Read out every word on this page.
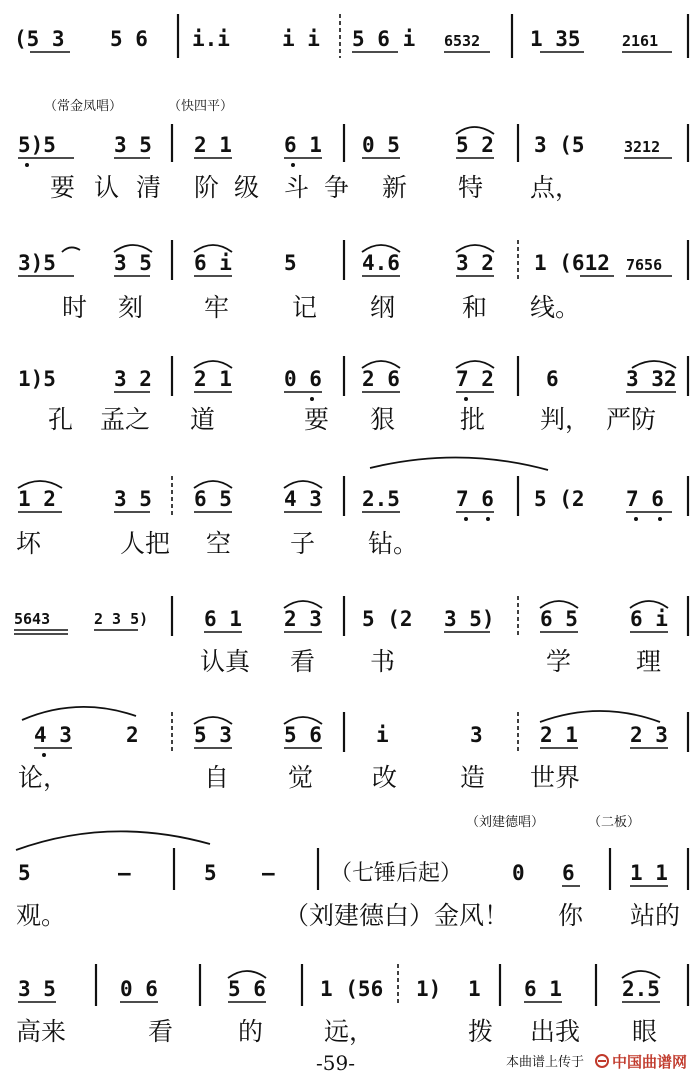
(5 3 5 6 i.i i i 5 6 i 6532 1 35	2161
（常金凤唱）	（快四平）
5)5	3 5 2 1 6 1 0 5	5 2 3 (5	3212
要 认 清 阶 级 斗 争 新 特 点，
3)5	3 5 6 i 5	4.6	3 2 1 (612 7656
时 刻 牢	记 纲	和 线。
1)5	3 2 2 1 0 6 2 6	7 2 6	3 32
孔 孟之 道	要 狠	批 判， 严防
1 2	3 5 6 5 4 3 2.5	7 6 5 (2 7 6
坏	人把 空 子 钻。
5643	2 3 5)	6 1 2 3 5 (2 3 5) 6 5 6 i
认真 看 书	学	理
4 3	2	5 3 5 6	i	3	2 1 2 3
论，	自 觉 改	造 世界
（刘建德唱）	（二板）
5	—	5 —	（七锤后起） 0 6	1 1
观。	（刘建德白）金风！ 你 站的
3 5	0 6	5 6	1 (56 1) 1 6 1	2.5
高来	看	的 远，	拨 出我 眼
-59-	本曲谱上传于 中国曲谱网
